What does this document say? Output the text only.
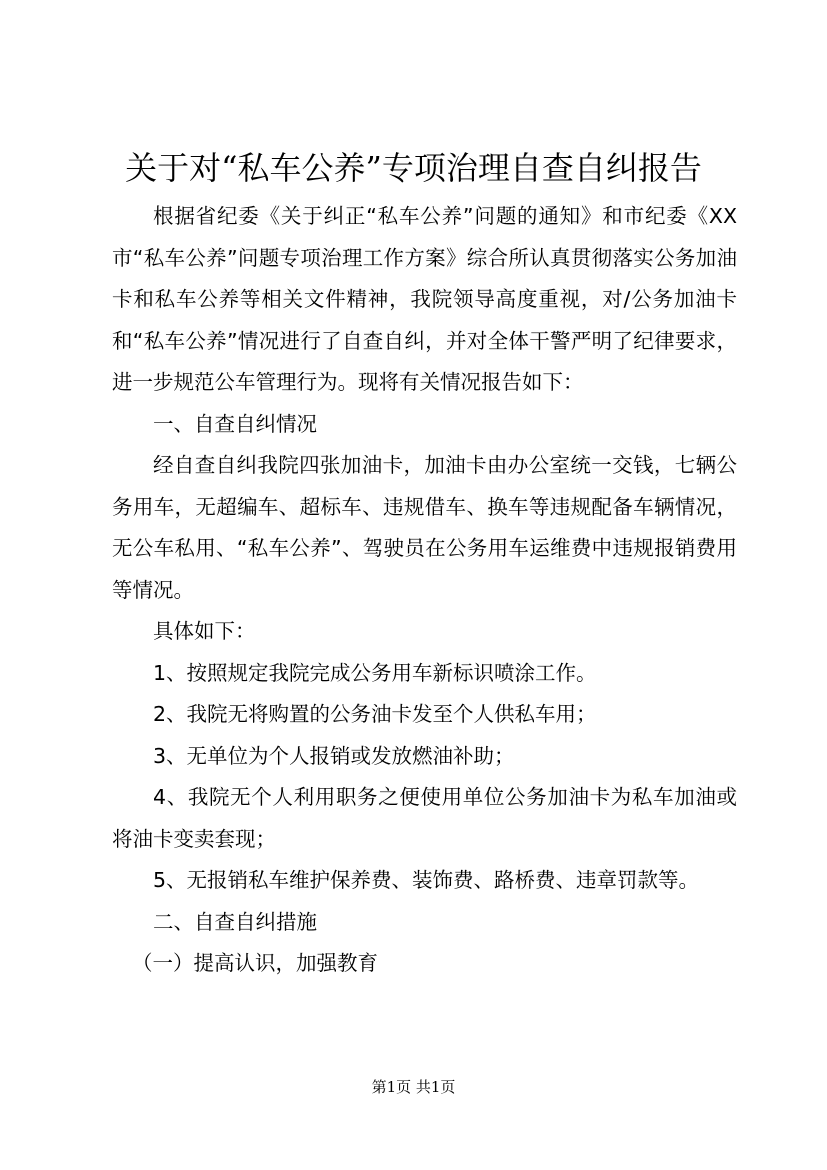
关于对“私车公养”专项治理自查自纠报告

根据省纪委《关于纠正“私车公养”问题的通知》和市纪委《XX市“私车公养”问题专项治理工作方案》综合所认真贯彻落实公务加油卡和私车公养等相关文件精神，我院领导高度重视，对/公务加油卡和“私车公养”情况进行了自查自纠，并对全体干警严明了纪律要求，进一步规范公车管理行为。现将有关情况报告如下：

一、自查自纠情况

经自查自纠我院四张加油卡，加油卡由办公室统一交钱，七辆公务用车，无超编车、超标车、违规借车、换车等违规配备车辆情况，无公车私用、“私车公养”、驾驶员在公务用车运维费中违规报销费用等情况。

具体如下：

1、按照规定我院完成公务用车新标识喷涂工作。

2、我院无将购置的公务油卡发至个人供私车用；

3、无单位为个人报销或发放燃油补助；

4、我院无个人利用职务之便使用单位公务加油卡为私车加油或将油卡变卖套现；

5、无报销私车维护保养费、装饰费、路桥费、违章罚款等。

二、自查自纠措施

（一）提高认识，加强教育

第1页 共1页
